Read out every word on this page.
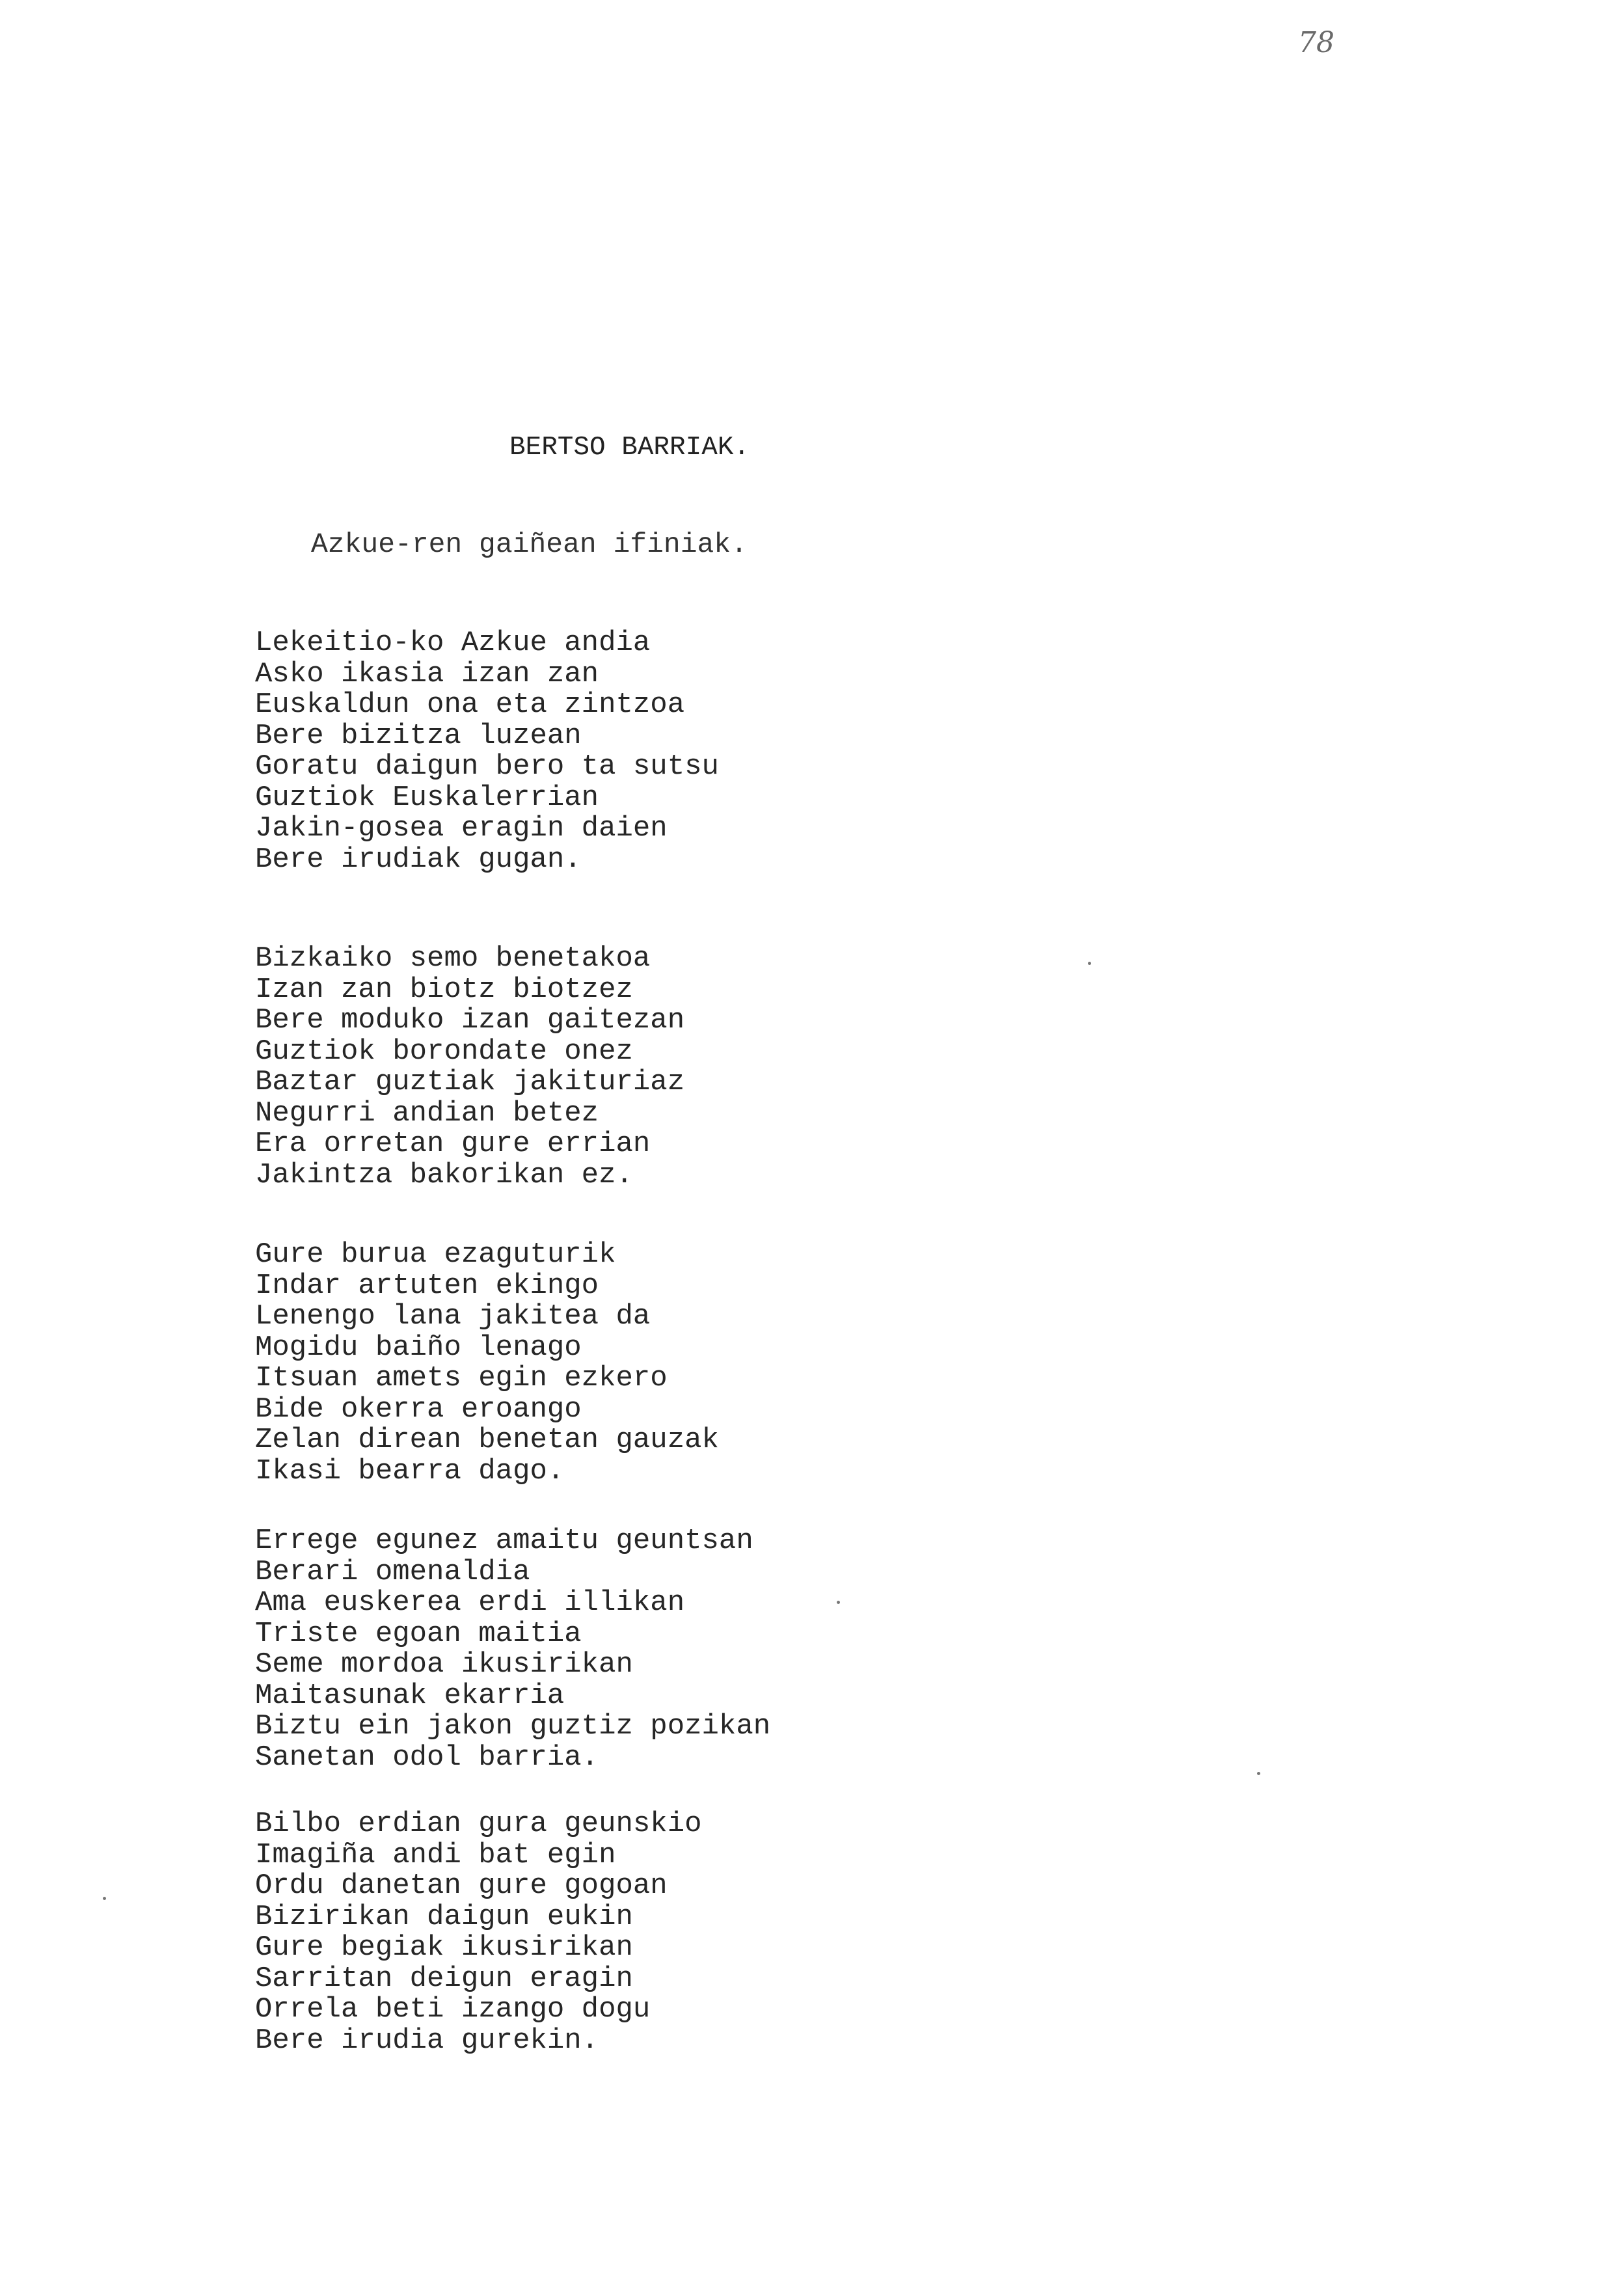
78
BERTSO BARRIAK.
Azkue-ren gaiñean ifiniak.
Lekeitio-ko Azkue andia
Asko ikasia izan zan
Euskaldun ona eta zintzoa
Bere bizitza luzean
Goratu daigun bero ta sutsu
Guztiok Euskalerrian
Jakin-gosea eragin daien
Bere irudiak gugan.
Bizkaiko semo benetakoa
Izan zan biotz biotzez
Bere moduko izan gaitezan
Guztiok borondate onez
Baztar guztiak jakituriaz
Negurri andian betez
Era orretan gure errian
Jakintza bakorikan ez.
Gure burua ezaguturik
Indar artuten ekingo
Lenengo lana jakitea da
Mogidu baiño lenago
Itsuan amets egin ezkero
Bide okerra eroango
Zelan direan benetan gauzak
Ikasi bearra dago.
Errege egunez amaitu geuntsan
Berari omenaldia
Ama euskerea erdi illikan
Triste egoan maitia
Seme mordoa ikusirikan
Maitasunak ekarria
Biztu ein jakon guztiz pozikan
Sanetan odol barria.
Bilbo erdian gura geunskio
Imagiña andi bat egin
Ordu danetan gure gogoan
Bizirikan daigun eukin
Gure begiak ikusirikan
Sarritan deigun eragin
Orrela beti izango dogu
Bere irudia gurekin.
